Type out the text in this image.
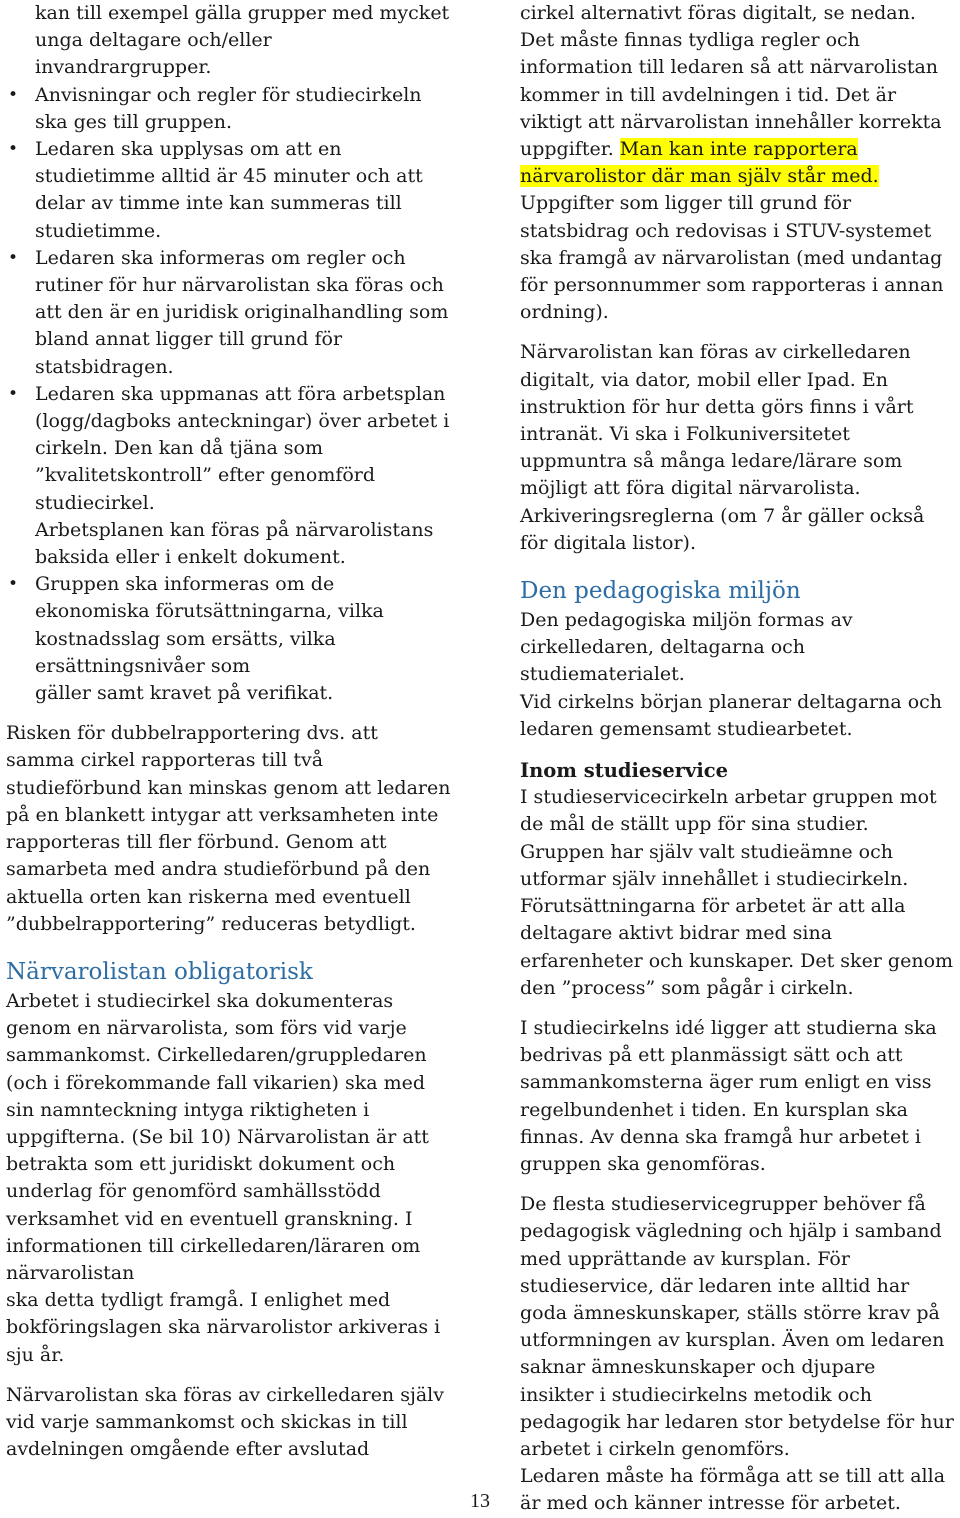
kan till exempel gälla grupper med mycket unga deltagare och/eller invandrargrupper.
• Anvisningar och regler för studiecirkeln ska ges till gruppen.
• Ledaren ska upplysas om att en studietimme alltid är 45 minuter och att delar av timme inte kan summeras till studietimme.
• Ledaren ska informeras om regler och rutiner för hur närvarolistan ska föras och att den är en juridisk originalhandling som bland annat ligger till grund för statsbidragen.
• Ledaren ska uppmanas att föra arbetsplan (logg/dagboks anteckningar) över arbetet i cirkeln. Den kan då tjäna som ”kvalitetskontroll” efter genomförd studiecirkel.
Arbetsplanen kan föras på närvarolistans baksida eller i enkelt dokument.
• Gruppen ska informeras om de ekonomiska förutsättningarna, vilka kostnadsslag som ersätts, vilka ersättningsnivåer som
gäller samt kravet på verifikat.

Risken för dubbelrapportering dvs. att samma cirkel rapporteras till två studieförbund kan minskas genom att ledaren på en blankett intygar att verksamheten inte rapporteras till fler förbund. Genom att samarbeta med andra studieförbund på den aktuella orten kan riskerna med eventuell ”dubbelrapportering” reduceras betydligt.

Närvarolistan obligatorisk

Arbetet i studiecirkel ska dokumenteras genom en närvarolista, som förs vid varje sammankomst. Cirkelledaren/gruppledaren (och i förekommande fall vikarien) ska med sin namnteckning intyga riktigheten i uppgifterna. (Se bil 10) Närvarolistan är att betrakta som ett juridiskt dokument och underlag för genomförd samhällsstödd verksamhet vid en eventuell granskning. I informationen till cirkelledaren/läraren om närvarolistan
ska detta tydligt framgå. I enlighet med bokföringslagen ska närvarolistor arkiveras i sju år.

Närvarolistan ska föras av cirkelledaren själv vid varje sammankomst och skickas in till avdelningen omgående efter avslutad

cirkel alternativt föras digitalt, se nedan. Det måste finnas tydliga regler och information till ledaren så att närvarolistan kommer in till avdelningen i tid. Det är viktigt att närvarolistan innehåller korrekta uppgifter. Man kan inte rapportera närvarolistor där man själv står med. Uppgifter som ligger till grund för statsbidrag och redovisas i STUV-systemet ska framgå av närvarolistan (med undantag för personnummer som rapporteras i annan ordning).

Närvarolistan kan föras av cirkelledaren digitalt, via dator, mobil eller Ipad. En instruktion för hur detta görs finns i vårt intranät. Vi ska i Folkuniversitetet uppmuntra så många ledare/lärare som möjligt att föra digital närvarolista. Arkiveringsreglerna (om 7 år gäller också för digitala listor).

Den pedagogiska miljön

Den pedagogiska miljön formas av cirkelledaren, deltagarna och studiematerialet.

Vid cirkelns början planerar deltagarna och ledaren gemensamt studiearbetet.

Inom studieservice

I studieservicecirkeln arbetar gruppen mot de mål de ställt upp för sina studier. Gruppen har själv valt studieämne och utformar själv innehållet i studiecirkeln. Förutsättningarna för arbetet är att alla deltagare aktivt bidrar med sina erfarenheter och kunskaper. Det sker genom den ”process” som pågår i cirkeln.

I studiecirkelns idé ligger att studierna ska bedrivas på ett planmässigt sätt och att sammankomsterna äger rum enligt en viss regelbundenhet i tiden. En kursplan ska finnas. Av denna ska framgå hur arbetet i gruppen ska genomföras.

De flesta studieservicegrupper behöver få pedagogisk vägledning och hjälp i samband med upprättande av kursplan. För studieservice, där ledaren inte alltid har goda ämneskunskaper, ställs större krav på utformningen av kursplan. Även om ledaren saknar ämneskunskaper och djupare insikter i studiecirkelns metodik och pedagogik har ledaren stor betydelse för hur arbetet i cirkeln genomförs.

Ledaren måste ha förmåga att se till att alla är med och känner intresse för arbetet.

13
